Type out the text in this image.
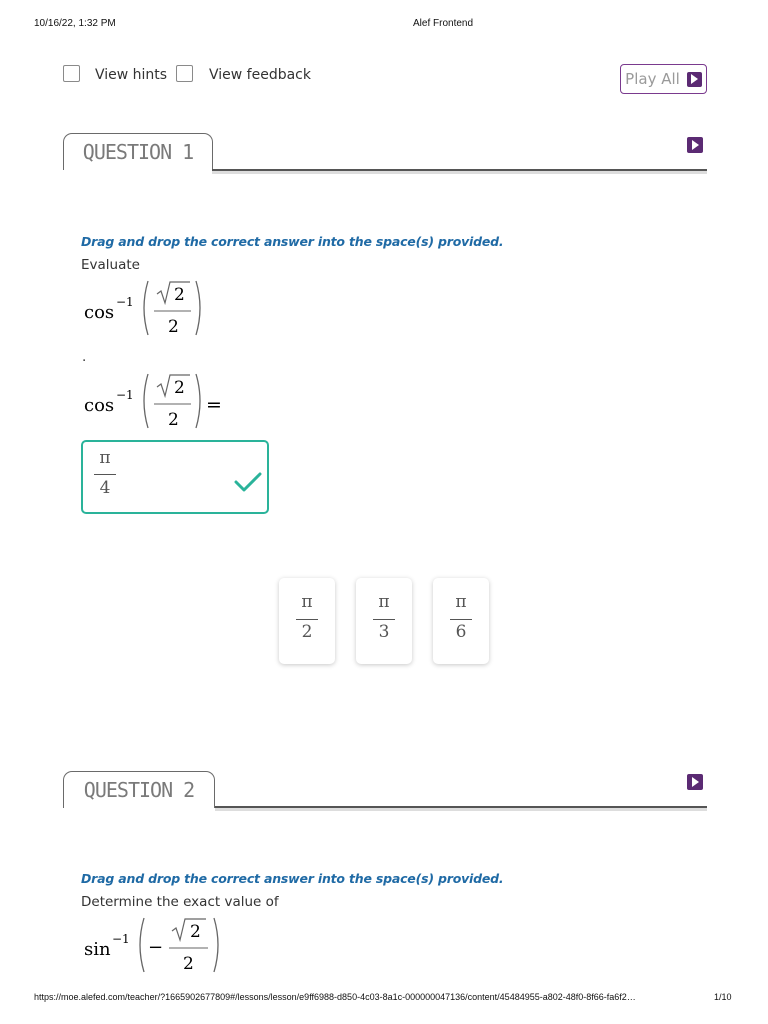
10/16/22, 1:32 PM	Alef Frontend
View hints	View feedback	Play All
QUESTION 1
Drag and drop the correct answer into the space(s) provided.
Evaluate
cos −1 2
2
.
cos −1 2
2
=
π
4
π
2
π
3
π
6
QUESTION 2
Drag and drop the correct answer into the space(s) provided.
Determine the exact value of
sin −1 −
2
2
https://moe.alefed.com/teacher/?1665902677809#/lessons/lesson/e9ff6988-d850-4c03-8a1c-000000047136/content/45484955-a802-48f0-8f66-fa6f2…	1/10
